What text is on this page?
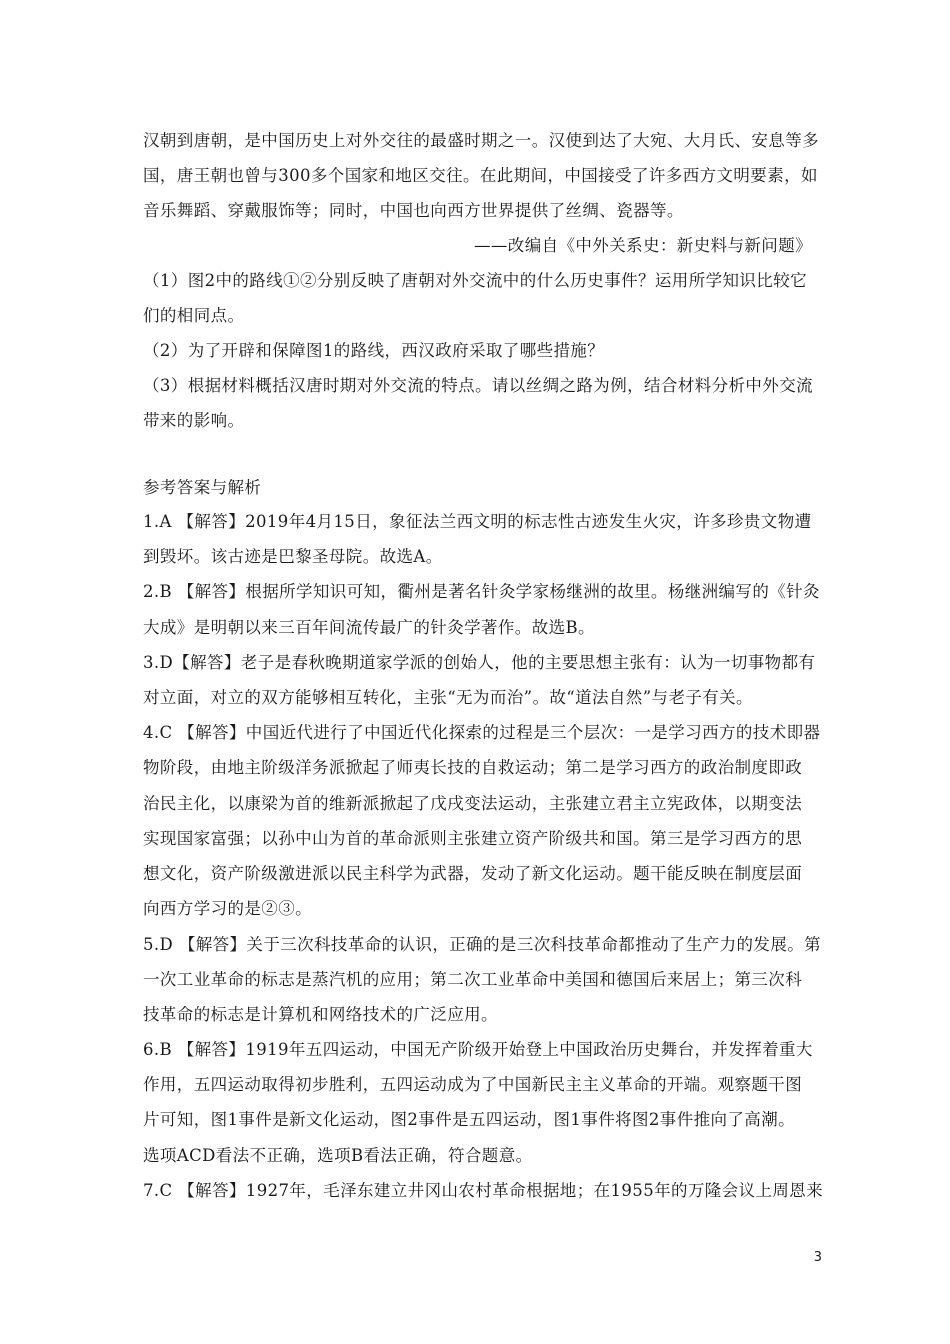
汉朝到唐朝，是中国历史上对外交往的最盛时期之一。汉使到达了大宛、大月氏、安息等多
国，唐王朝也曾与300多个国家和地区交往。在此期间，中国接受了许多西方文明要素，如
音乐舞蹈、穿戴服饰等；同时，中国也向西方世界提供了丝绸、瓷器等。
——改编自《中外关系史：新史料与新问题》
（1）图2中的路线①②分别反映了唐朝对外交流中的什么历史事件？运用所学知识比较它
们的相同点。
（2）为了开辟和保障图1的路线，西汉政府采取了哪些措施？
（3）根据材料概括汉唐时期对外交流的特点。请以丝绸之路为例，结合材料分析中外交流
带来的影响。
参考答案与解析
1.A 【解答】2019年4月15日，象征法兰西文明的标志性古迹发生火灾，许多珍贵文物遭
到毁坏。该古迹是巴黎圣母院。故选A。
2.B 【解答】根据所学知识可知，衢州是著名针灸学家杨继洲的故里。杨继洲编写的《针灸
大成》是明朝以来三百年间流传最广的针灸学著作。故选B。
3.D【解答】老子是春秋晚期道家学派的创始人，他的主要思想主张有：认为一切事物都有
对立面，对立的双方能够相互转化，主张“无为而治”。故“道法自然”与老子有关。
4.C 【解答】中国近代进行了中国近代化探索的过程是三个层次：一是学习西方的技术即器
物阶段，由地主阶级洋务派掀起了师夷长技的自救运动；第二是学习西方的政治制度即政
治民主化，以康梁为首的维新派掀起了戊戌变法运动，主张建立君主立宪政体，以期变法
实现国家富强；以孙中山为首的革命派则主张建立资产阶级共和国。第三是学习西方的思
想文化，资产阶级激进派以民主科学为武器，发动了新文化运动。题干能反映在制度层面
向西方学习的是②③。
5.D 【解答】关于三次科技革命的认识，正确的是三次科技革命都推动了生产力的发展。第
一次工业革命的标志是蒸汽机的应用；第二次工业革命中美国和德国后来居上；第三次科
技革命的标志是计算机和网络技术的广泛应用。
6.B 【解答】1919年五四运动，中国无产阶级开始登上中国政治历史舞台，并发挥着重大
作用，五四运动取得初步胜利，五四运动成为了中国新民主主义革命的开端。观察题干图
片可知，图1事件是新文化运动，图2事件是五四运动，图1事件将图2事件推向了高潮。
选项ACD看法不正确，选项B看法正确，符合题意。
7.C 【解答】1927年，毛泽东建立井冈山农村革命根据地；在1955年的万隆会议上周恩来
3
